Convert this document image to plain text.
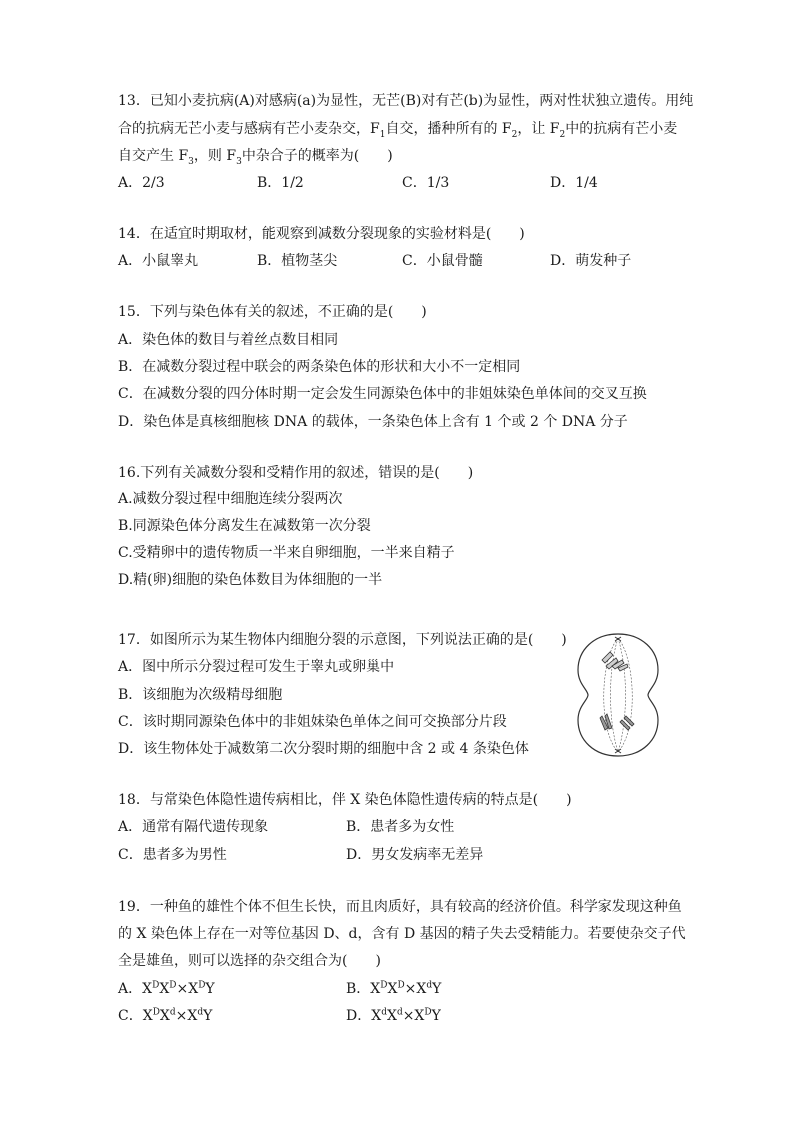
13．已知小麦抗病(A)对感病(a)为显性，无芒(B)对有芒(b)为显性，两对性状独立遗传。用纯
合的抗病无芒小麦与感病有芒小麦杂交，$F_1$自交，播种所有的 $F_2$，让 $F_2$中的抗病有芒小麦
自交产生 $F_3$，则 $F_3$中杂合子的概率为(　　)
A．2/3	B．1/2	C．1/3	D．1/4
14．在适宜时期取材，能观察到减数分裂现象的实验材料是(　　)
A．小鼠睾丸	B．植物茎尖	C．小鼠骨髓	D．萌发种子
15．下列与染色体有关的叙述，不正确的是(　　)
A．染色体的数目与着丝点数目相同
B．在减数分裂过程中联会的两条染色体的形状和大小不一定相同
C．在减数分裂的四分体时期一定会发生同源染色体中的非姐妹染色单体间的交叉互换
D．染色体是真核细胞核 DNA 的载体，一条染色体上含有 1 个或 2 个 DNA 分子
16.下列有关减数分裂和受精作用的叙述，错误的是(　　)
A.减数分裂过程中细胞连续分裂两次
B.同源染色体分离发生在减数第一次分裂
C.受精卵中的遗传物质一半来自卵细胞，一半来自精子
D.精(卵)细胞的染色体数目为体细胞的一半
17．如图所示为某生物体内细胞分裂的示意图，下列说法正确的是(　　)
A．图中所示分裂过程可发生于睾丸或卵巢中
B．该细胞为次级精母细胞
C．该时期同源染色体中的非姐妹染色单体之间可交换部分片段
D．该生物体处于减数第二次分裂时期的细胞中含 2 或 4 条染色体
18．与常染色体隐性遗传病相比，伴 X 染色体隐性遗传病的特点是(　　)
A．通常有隔代遗传现象	B．患者多为女性
C．患者多为男性	D．男女发病率无差异
19．一种鱼的雄性个体不但生长快，而且肉质好，具有较高的经济价值。科学家发现这种鱼
的 X 染色体上存在一对等位基因 D、d，含有 D 基因的精子失去受精能力。若要使杂交子代
全是雄鱼，则可以选择的杂交组合为(　　)
A．$X^DX^D\times X^DY$	B．$X^DX^D\times X^dY$
C．$X^DX^d\times X^dY$	D．$X^dX^d\times X^DY$
